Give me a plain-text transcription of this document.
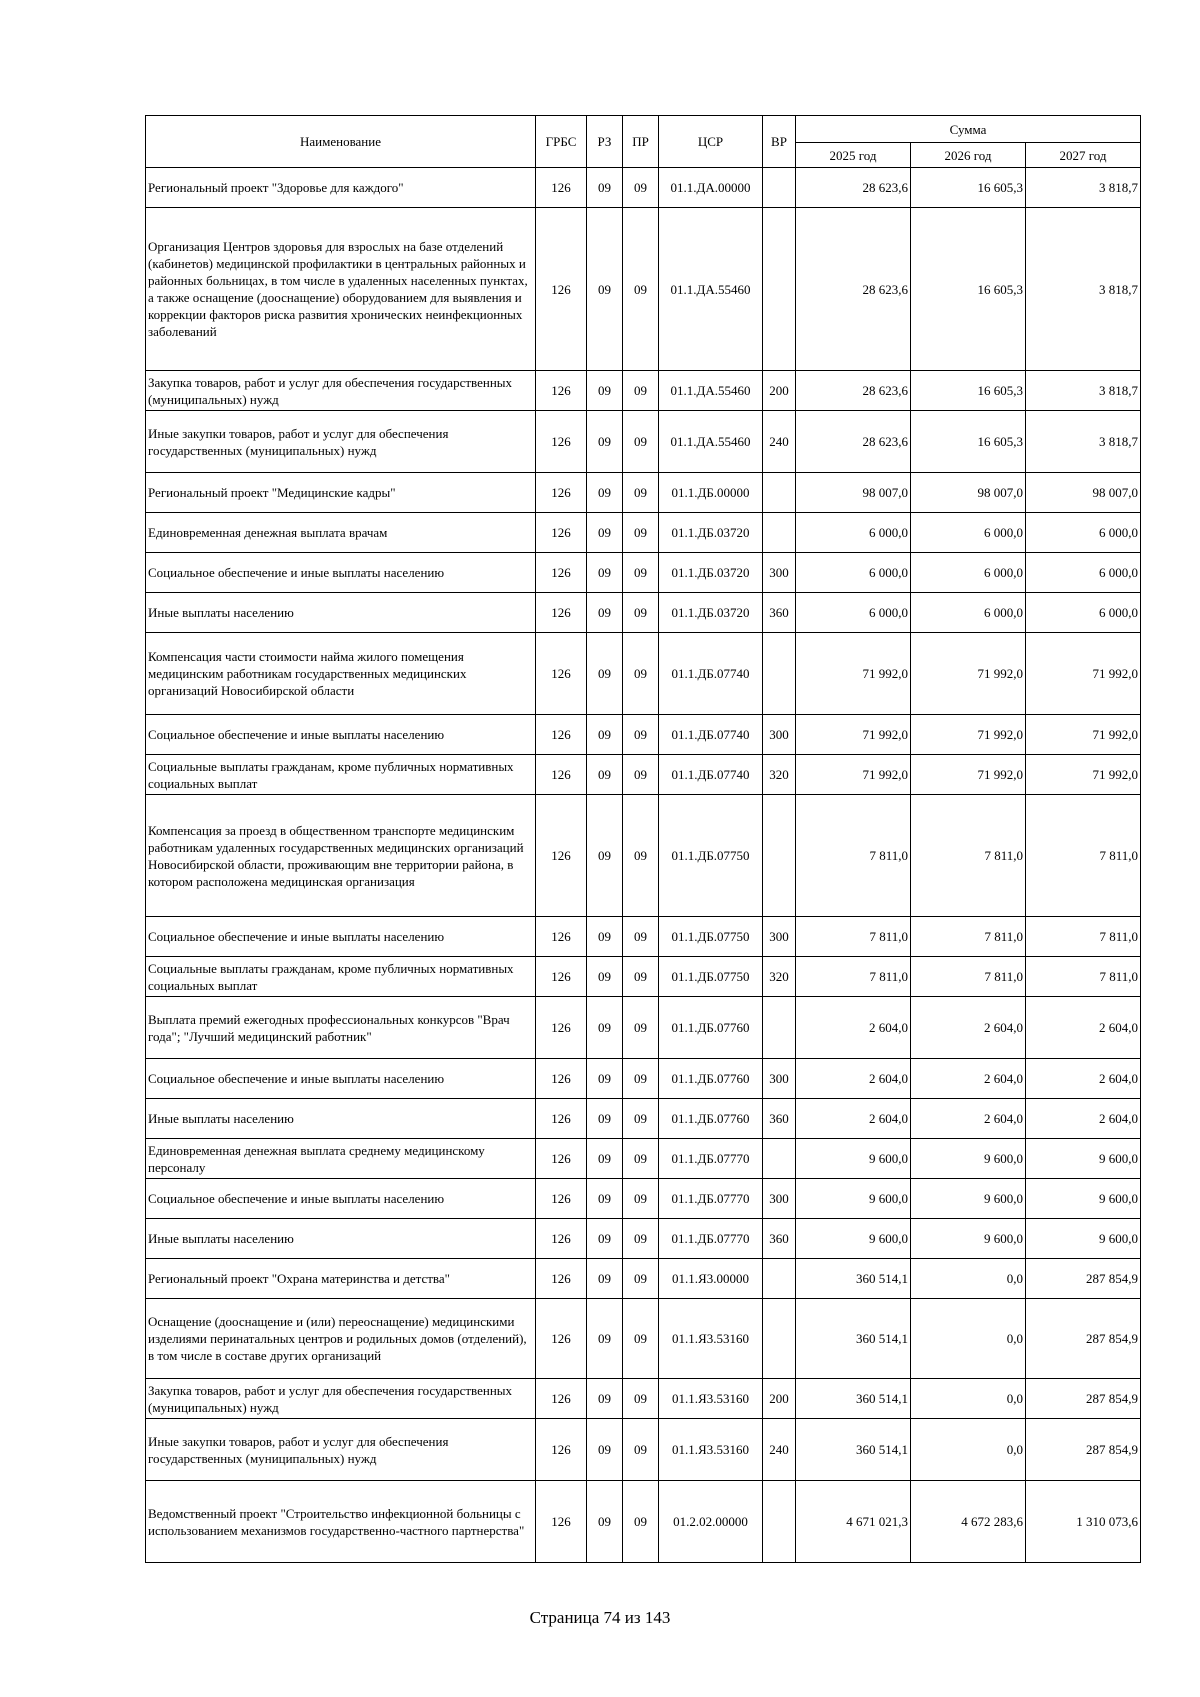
Наименование	ГРБС	РЗ	ПР	ЦСР	ВР	Сумма		
						2025 год	2026 год	2027 год
Региональный проект "Здоровье для каждого"	126	09	09	01.1.ДА.00000		28 623,6	16 605,3	3 818,7
Организация Центров здоровья для взрослых на базе отделений (кабинетов) медицинской профилактики в центральных районных и районных больницах, в том числе в удаленных населенных пунктах, а также оснащение (дооснащение) оборудованием для выявления и коррекции факторов риска развития хронических неинфекционных заболеваний	126	09	09	01.1.ДА.55460		28 623,6	16 605,3	3 818,7
Закупка товаров, работ и услуг для обеспечения государственных (муниципальных) нужд	126	09	09	01.1.ДА.55460	200	28 623,6	16 605,3	3 818,7
Иные закупки товаров, работ и услуг для обеспечения государственных (муниципальных) нужд	126	09	09	01.1.ДА.55460	240	28 623,6	16 605,3	3 818,7
Региональный проект "Медицинские кадры"	126	09	09	01.1.ДБ.00000		98 007,0	98 007,0	98 007,0
Единовременная денежная выплата врачам	126	09	09	01.1.ДБ.03720		6 000,0	6 000,0	6 000,0
Социальное обеспечение и иные выплаты населению	126	09	09	01.1.ДБ.03720	300	6 000,0	6 000,0	6 000,0
Иные выплаты населению	126	09	09	01.1.ДБ.03720	360	6 000,0	6 000,0	6 000,0
Компенсация части стоимости найма жилого помещения медицинским работникам государственных медицинских организаций Новосибирской области	126	09	09	01.1.ДБ.07740		71 992,0	71 992,0	71 992,0
Социальное обеспечение и иные выплаты населению	126	09	09	01.1.ДБ.07740	300	71 992,0	71 992,0	71 992,0
Социальные выплаты гражданам, кроме публичных нормативных социальных выплат	126	09	09	01.1.ДБ.07740	320	71 992,0	71 992,0	71 992,0
Компенсация за проезд в общественном транспорте медицинским работникам удаленных государственных медицинских организаций Новосибирской области, проживающим вне территории района, в котором расположена медицинская организация	126	09	09	01.1.ДБ.07750		7 811,0	7 811,0	7 811,0
Социальное обеспечение и иные выплаты населению	126	09	09	01.1.ДБ.07750	300	7 811,0	7 811,0	7 811,0
Социальные выплаты гражданам, кроме публичных нормативных социальных выплат	126	09	09	01.1.ДБ.07750	320	7 811,0	7 811,0	7 811,0
Выплата премий ежегодных профессиональных конкурсов "Врач года"; "Лучший медицинский работник"	126	09	09	01.1.ДБ.07760		2 604,0	2 604,0	2 604,0
Социальное обеспечение и иные выплаты населению	126	09	09	01.1.ДБ.07760	300	2 604,0	2 604,0	2 604,0
Иные выплаты населению	126	09	09	01.1.ДБ.07760	360	2 604,0	2 604,0	2 604,0
Единовременная денежная выплата среднему медицинскому персоналу	126	09	09	01.1.ДБ.07770		9 600,0	9 600,0	9 600,0
Социальное обеспечение и иные выплаты населению	126	09	09	01.1.ДБ.07770	300	9 600,0	9 600,0	9 600,0
Иные выплаты населению	126	09	09	01.1.ДБ.07770	360	9 600,0	9 600,0	9 600,0
Региональный проект "Охрана материнства и детства"	126	09	09	01.1.Я3.00000		360 514,1	0,0	287 854,9
Оснащение (дооснащение и (или) переоснащение) медицинскими изделиями перинатальных центров и родильных домов (отделений), в том числе в составе других организаций	126	09	09	01.1.Я3.53160		360 514,1	0,0	287 854,9
Закупка товаров, работ и услуг для обеспечения государственных (муниципальных) нужд	126	09	09	01.1.Я3.53160	200	360 514,1	0,0	287 854,9
Иные закупки товаров, работ и услуг для обеспечения государственных (муниципальных) нужд	126	09	09	01.1.Я3.53160	240	360 514,1	0,0	287 854,9
Ведомственный проект "Строительство инфекционной больницы с использованием механизмов государственно-частного партнерства"	126	09	09	01.2.02.00000		4 671 021,3	4 672 283,6	1 310 073,6
Страница 74 из 143
